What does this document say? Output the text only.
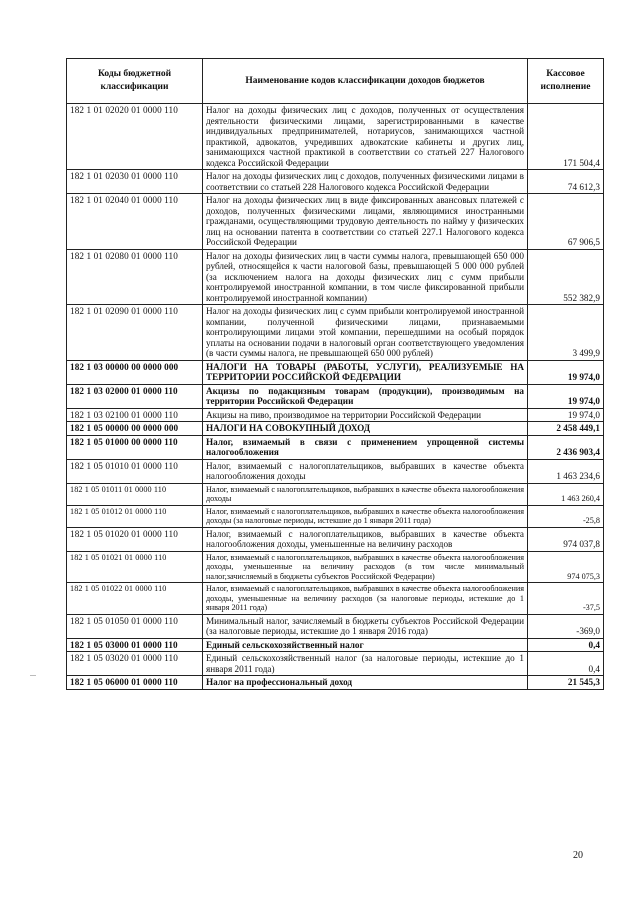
Коды бюджетной классификации	Наименование кодов классификации доходов бюджетов	Кассовое исполнение
182 1 01 02020 01 0000 110	Налог на доходы физических лиц с доходов, полученных от осуществления деятельности физическими лицами, зарегистрированными в качестве индивидуальных предпринимателей, нотариусов, занимающихся частной практикой, адвокатов, учредивших адвокатские кабинеты и других лиц, занимающихся частной практикой в соответствии со статьей 227 Налогового кодекса Российской Федерации	171 504,4
182 1 01 02030 01 0000 110	Налог на доходы физических лиц с доходов, полученных физическими лицами в соответствии со статьей 228 Налогового кодекса Российской Федерации	74 612,3
182 1 01 02040 01 0000 110	Налог на доходы физических лиц в виде фиксированных авансовых платежей с доходов, полученных физическими лицами, являющимися иностранными гражданами, осуществляющими трудовую деятельность по найму у физических лиц на основании патента в соответствии со статьей 227.1 Налогового кодекса Российской Федерации	67 906,5
182 1 01 02080 01 0000 110	Налог на доходы физических лиц в части суммы налога, превышающей 650 000 рублей, относящейся к части налоговой базы, превышающей 5 000 000 рублей (за исключением налога на доходы физических лиц с сумм прибыли контролируемой иностранной компании, в том числе фиксированной прибыли контролируемой иностранной компании)	552 382,9
182 1 01 02090 01 0000 110	Налог на доходы физических лиц с сумм прибыли контролируемой иностранной компании, полученной физическими лицами, признаваемыми контролирующими лицами этой компании, перешедшими на особый порядок уплаты на основании подачи в налоговый орган соответствующего уведомления (в части суммы налога, не превышающей 650 000 рублей)	3 499,9
182 1 03 00000 00 0000 000	НАЛОГИ НА ТОВАРЫ (РАБОТЫ, УСЛУГИ), РЕАЛИЗУЕМЫЕ НА ТЕРРИТОРИИ РОССИЙСКОЙ ФЕДЕРАЦИИ	19 974,0
182 1 03 02000 01 0000 110	Акцизы по подакцизным товарам (продукции), производимым на территории Российской Федерации	19 974,0
182 1 03 02100 01 0000 110	Акцизы на пиво, производимое на территории Российской Федерации	19 974,0
182 1 05 00000 00 0000 000	НАЛОГИ НА СОВОКУПНЫЙ ДОХОД	2 458 449,1
182 1 05 01000 00 0000 110	Налог, взимаемый в связи с применением упрощенной системы налогообложения	2 436 903,4
182 1 05 01010 01 0000 110	Налог, взимаемый с налогоплательщиков, выбравших в качестве объекта налогообложения доходы	1 463 234,6
182 1 05 01011 01 0000 110	Налог, взимаемый с налогоплательщиков, выбравших в качестве объекта налогообложения доходы	1 463 260,4
182 1 05 01012 01 0000 110	Налог, взимаемый с налогоплательщиков, выбравших в качестве объекта налогообложения доходы (за налоговые периоды, истекшие до 1 января 2011 года)	-25,8
182 1 05 01020 01 0000 110	Налог, взимаемый с налогоплательщиков, выбравших в качестве объекта налогообложения доходы, уменьшенные на величину расходов	974 037,8
182 1 05 01021 01 0000 110	Налог, взимаемый с налогоплательщиков, выбравших в качестве объекта налогообложения доходы, уменьшенные на величину расходов (в том числе минимальный налог,зачисляемый в бюджеты субъектов Российской Федерации)	974 075,3
182 1 05 01022 01 0000 110	Налог, взимаемый с налогоплательщиков, выбравших в качестве объекта налогообложения доходы, уменьшенные на величину расходов (за налоговые периоды, истекшие до 1 января 2011 года)	-37,5
182 1 05 01050 01 0000 110	Минимальный налог, зачисляемый в бюджеты субъектов Российской Федерации (за налоговые периоды, истекшие до 1 января 2016 года)	-369,0
182 1 05 03000 01 0000 110	Единый сельскохозяйственный налог	0,4
182 1 05 03020 01 0000 110	Единый сельскохозяйственный налог (за налоговые периоды, истекшие до 1 января 2011 года)	0,4
182 1 05 06000 01 0000 110	Налог на профессиональный доход	21 545,3
20
